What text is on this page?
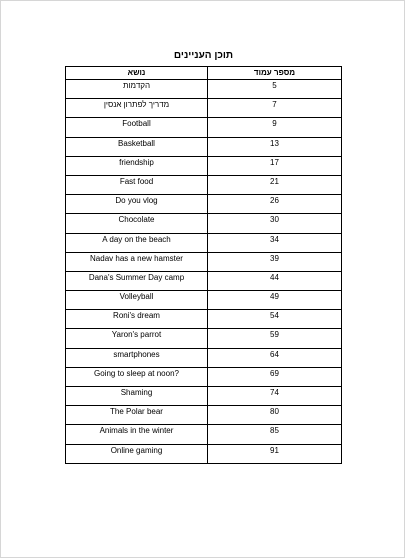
תוכן העניינים
נושא	מספר עמוד
הקדמות	5
מדריך לפתרון אנסין	7
Football	9
Basketball	13
friendship	17
Fast food	21
Do you vlog	26
Chocolate	30
A day on the beach	34
Nadav has a new hamster	39
Dana's Summer Day camp	44
Volleyball	49
Roni's dream	54
Yaron's parrot	59
smartphones	64
Going to sleep at noon?	69
Shaming	74
The Polar bear	80
Animals in the winter	85
Online gaming	91
